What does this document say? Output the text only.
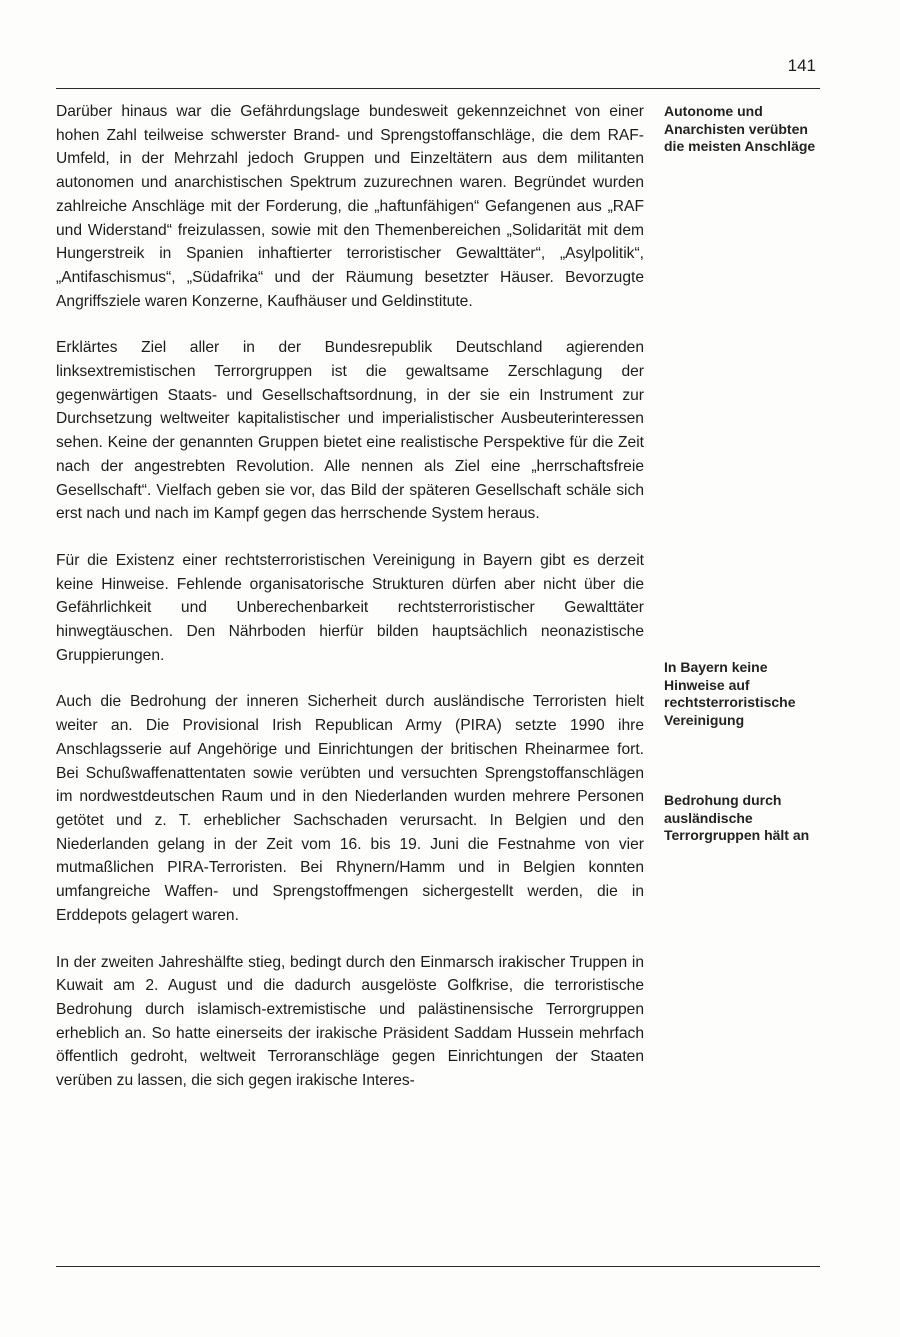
141

Darüber hinaus war die Gefährdungslage bundesweit gekennzeichnet von einer hohen Zahl teilweise schwerster Brand- und Sprengstoffanschläge, die dem RAF-Umfeld, in der Mehrzahl jedoch Gruppen und Einzeltätern aus dem militanten autonomen und anarchistischen Spektrum zuzurechnen waren. Begründet wurden zahlreiche Anschläge mit der Forderung, die „haftunfähigen“ Gefangenen aus „RAF und Widerstand“ freizulassen, sowie mit den Themenbereichen „Solidarität mit dem Hungerstreik in Spanien inhaftierter terroristischer Gewalttäter“, „Asylpolitik“, „Antifaschismus“, „Südafrika“ und der Räumung besetzter Häuser. Bevorzugte Angriffsziele waren Konzerne, Kaufhäuser und Geldinstitute.

Erklärtes Ziel aller in der Bundesrepublik Deutschland agierenden linksextremistischen Terrorgruppen ist die gewaltsame Zerschlagung der gegenwärtigen Staats- und Gesellschaftsordnung, in der sie ein Instrument zur Durchsetzung weltweiter kapitalistischer und imperialistischer Ausbeuterinteressen sehen. Keine der genannten Gruppen bietet eine realistische Perspektive für die Zeit nach der angestrebten Revolution. Alle nennen als Ziel eine „herrschaftsfreie Gesellschaft“. Vielfach geben sie vor, das Bild der späteren Gesellschaft schäle sich erst nach und nach im Kampf gegen das herrschende System heraus.

Für die Existenz einer rechtsterroristischen Vereinigung in Bayern gibt es derzeit keine Hinweise. Fehlende organisatorische Strukturen dürfen aber nicht über die Gefährlichkeit und Unberechenbarkeit rechtsterroristischer Gewalttäter hinwegtäuschen. Den Nährboden hierfür bilden hauptsächlich neonazistische Gruppierungen.

Auch die Bedrohung der inneren Sicherheit durch ausländische Terroristen hielt weiter an. Die Provisional Irish Republican Army (PIRA) setzte 1990 ihre Anschlagsserie auf Angehörige und Einrichtungen der britischen Rheinarmee fort. Bei Schußwaffenattentaten sowie verübten und versuchten Sprengstoffanschlägen im nordwestdeutschen Raum und in den Niederlanden wurden mehrere Personen getötet und z. T. erheblicher Sachschaden verursacht. In Belgien und den Niederlanden gelang in der Zeit vom 16. bis 19. Juni die Festnahme von vier mutmaßlichen PIRA-Terroristen. Bei Rhynern/Hamm und in Belgien konnten umfangreiche Waffen- und Sprengstoffmengen sichergestellt werden, die in Erddepots gelagert waren.

In der zweiten Jahreshälfte stieg, bedingt durch den Einmarsch irakischer Truppen in Kuwait am 2. August und die dadurch ausgelöste Golfkrise, die terroristische Bedrohung durch islamisch-extremistische und palästinensische Terrorgruppen erheblich an. So hatte einerseits der irakische Präsident Saddam Hussein mehrfach öffentlich gedroht, weltweit Terroranschläge gegen Einrichtungen der Staaten verüben zu lassen, die sich gegen irakische Interes-

Autonome und Anarchisten verübten die meisten Anschläge
In Bayern keine Hinweise auf rechtsterroristische Vereinigung
Bedrohung durch ausländische Terrorgruppen hält an
